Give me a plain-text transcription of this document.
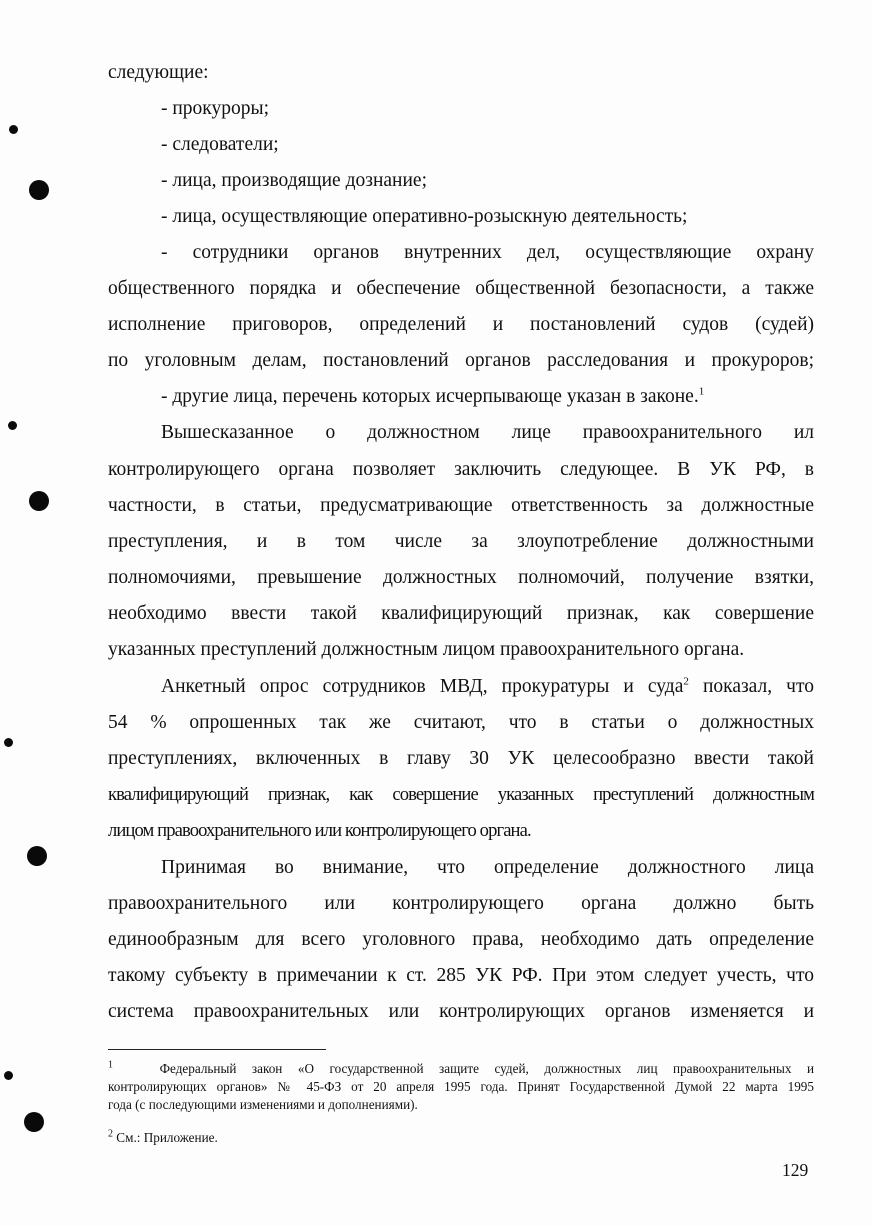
следующие:

- прокуроры;

- следователи;

- лица, производящие дознание;

- лица, осуществляющие оперативно-розыскную деятельность;

- сотрудники органов внутренних дел, осуществляющие охрану

общественного порядка и обеспечение общественной безопасности, а также

исполнение приговоров, определений и постановлений судов (судей)

по уголовным делам, постановлений органов расследования и прокуроров;

- другие лица, перечень которых исчерпывающе указан в законе.$^1$

Вышесказанное о должностном лице правоохранительного ил

контролирующего органа позволяет заключить следующее. В УК РФ, в

частности, в статьи, предусматривающие ответственность за должностные

преступления, и в том числе за злоупотребление должностными

полномочиями, превышение должностных полномочий, получение взятки,

необходимо ввести такой квалифицирующий признак, как совершение

указанных преступлений должностным лицом правоохранительного органа.

Анкетный опрос сотрудников МВД, прокуратуры и суда$^2$ показал, что

54 % опрошенных так же считают, что в статьи о должностных

преступлениях, включенных в главу 30 УК целесообразно ввести такой

квалифицирующий признак, как совершение указанных преступлений должностным

лицом правоохранительного или контролирующего органа.

Принимая во внимание, что определение должностного лица

правоохранительного или контролирующего органа должно быть

единообразным для всего уголовного права, необходимо дать определение

такому субъекту в примечании к ст. 285 УК РФ. При этом следует учесть, что

система правоохранительных или контролирующих органов изменяется и

$^1$	Федеральный закон «О государственной защите судей, должностных лиц правоохранительных и
контролирующих органов» № 45-ФЗ от 20 апреля 1995 года. Принят Государственной Думой 22 марта 1995
года (с последующими изменениями и дополнениями).
$^2$ См.: Приложение.
129
